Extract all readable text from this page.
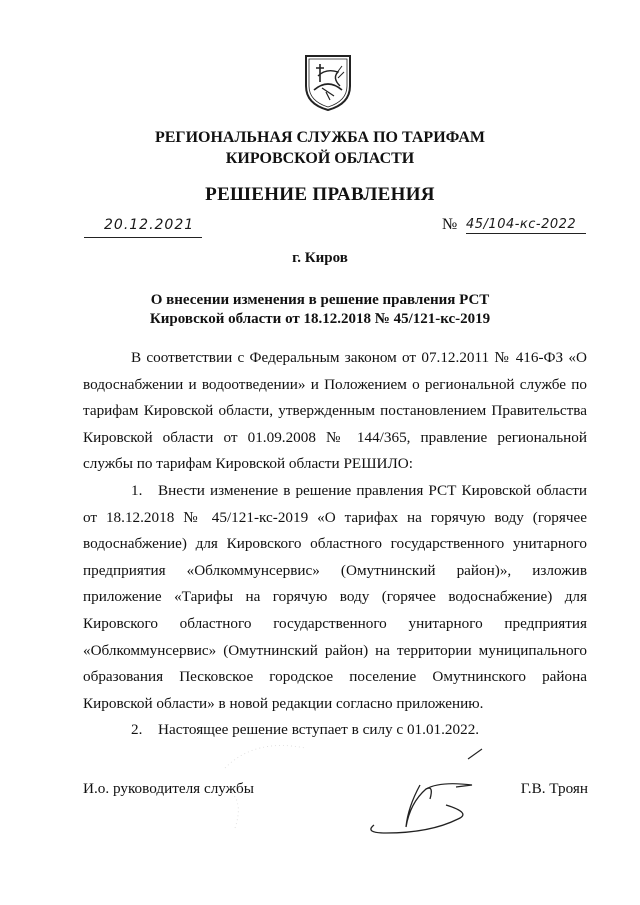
РЕГИОНАЛЬНАЯ СЛУЖБА ПО ТАРИФАМ
КИРОВСКОЙ ОБЛАСТИ
РЕШЕНИЕ ПРАВЛЕНИЯ
20.12.2021	№ 45/104-кс-2022
г. Киров
О внесении изменения в решение правления РСТ
Кировской области от 18.12.2018 № 45/121-кс-2019

В соответствии с Федеральным законом от 07.12.2011 № 416-ФЗ «О водоснабжении и водоотведении» и Положением о региональной службе по тарифам Кировской области, утвержденным постановлением Правительства Кировской области от 01.09.2008 № 144/365, правление региональной службы по тарифам Кировской области РЕШИЛО:

1. Внести изменение в решение правления РСТ Кировской области от 18.12.2018 № 45/121-кс-2019 «О тарифах на горячую воду (горячее водоснабжение) для Кировского областного государственного унитарного предприятия «Облкоммунсервис» (Омутнинский район)», изложив приложение «Тарифы на горячую воду (горячее водоснабжение) для Кировского областного государственного унитарного предприятия «Облкоммунсервис» (Омутнинский район) на территории муниципального образования Песковское городское поселение Омутнинского района Кировской области» в новой редакции согласно приложению.

2. Настоящее решение вступает в силу с 01.01.2022.

И.о. руководителя службы	Г.В. Троян
